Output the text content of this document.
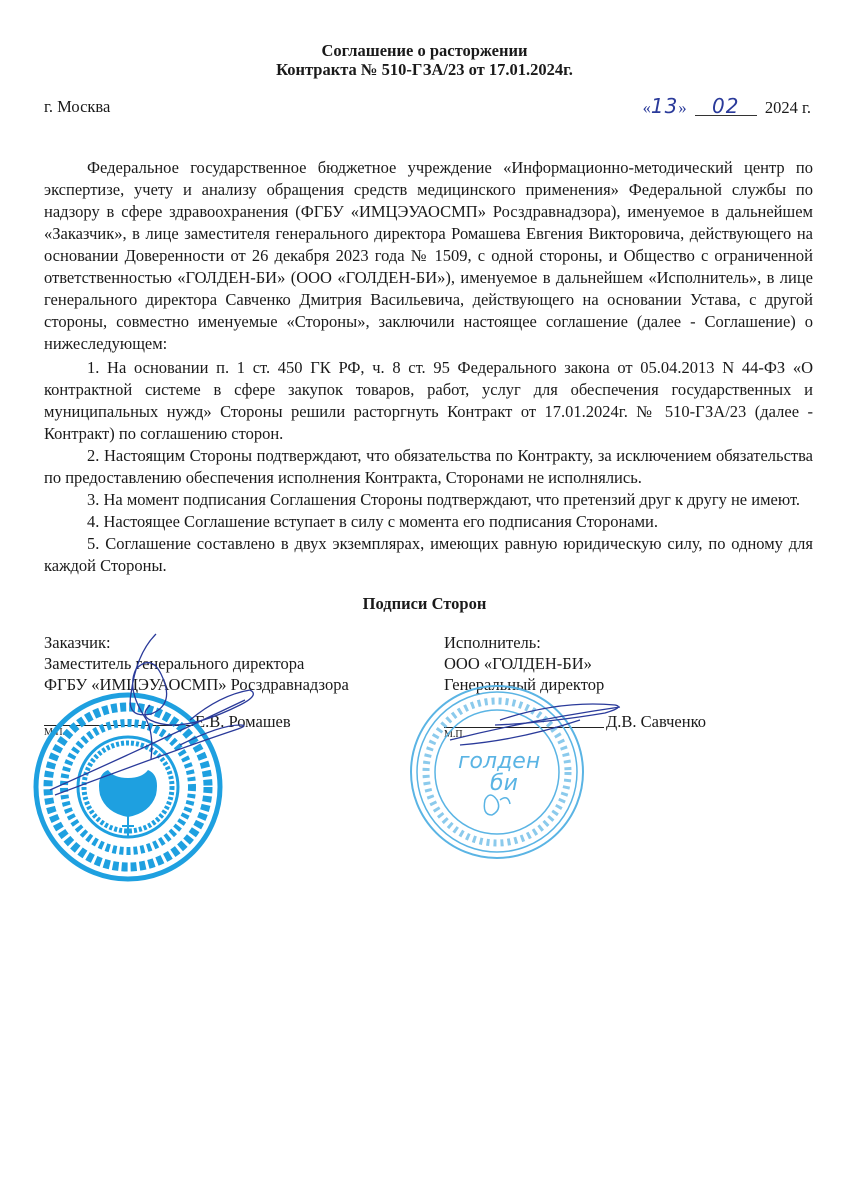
Соглашение о расторжении
Контракта № 510-ГЗА/23 от 17.01.2024г.
г. Москва	«13» 02 2024 г.

Федеральное государственное бюджетное учреждение «Информационно-методический центр по экспертизе, учету и анализу обращения средств медицинского применения» Федеральной службы по надзору в сфере здравоохранения (ФГБУ «ИМЦЭУАОСМП» Росздравнадзора), именуемое в дальнейшем «Заказчик», в лице заместителя генерального директора Ромашева Евгения Викторовича, действующего на основании Доверенности от 26 декабря 2023 года № 1509, с одной стороны, и Общество с ограниченной ответственностью «ГОЛДЕН-БИ» (ООО «ГОЛДЕН-БИ»), именуемое в дальнейшем «Исполнитель», в лице генерального директора Савченко Дмитрия Васильевича, действующего на основании Устава, с другой стороны, совместно именуемые «Стороны», заключили настоящее соглашение (далее - Соглашение) о нижеследующем:

1. На основании п. 1 ст. 450 ГК РФ, ч. 8 ст. 95 Федерального закона от 05.04.2013 N 44-ФЗ «О контрактной системе в сфере закупок товаров, работ, услуг для обеспечения государственных и муниципальных нужд» Стороны решили расторгнуть Контракт от 17.01.2024г. № 510-ГЗА/23 (далее - Контракт) по соглашению сторон.

2. Настоящим Стороны подтверждают, что обязательства по Контракту, за исключением обязательства по предоставлению обеспечения исполнения Контракта, Сторонами не исполнялись.

3. На момент подписания Соглашения Стороны подтверждают, что претензий друг к другу не имеют.

4. Настоящее Соглашение вступает в силу с момента его подписания Сторонами.

5. Соглашение составлено в двух экземплярах, имеющих равную юридическую силу, по одному для каждой Стороны.

Подписи Сторон
Заказчик:
Заместитель генерального директора
ФГБУ «ИМЦЭУАОСМП» Росздравнадзора
Е.В. Ромашев
М.П.
Исполнитель:
ООО «ГОЛДЕН-БИ»
Генеральный директор
Д.В. Савченко
М.П.
голден
би
